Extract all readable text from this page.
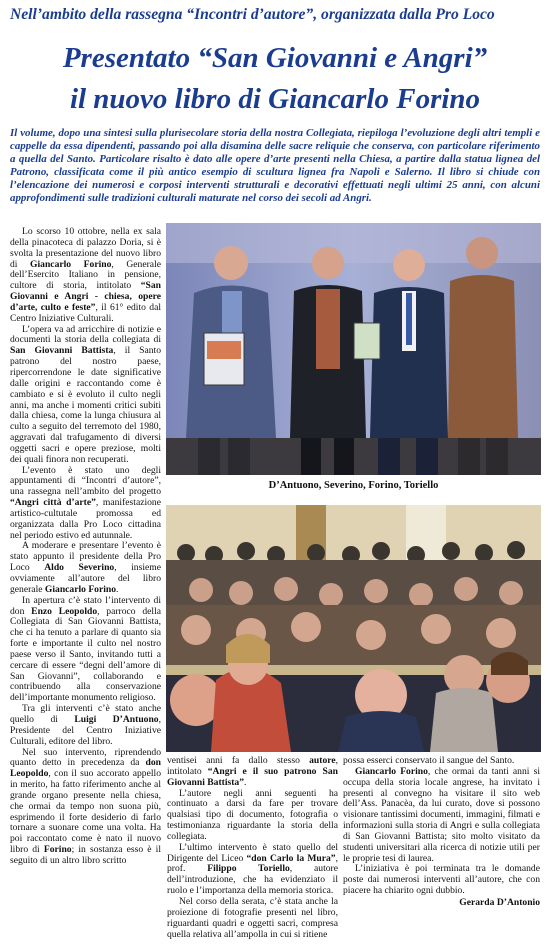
Nell’ambito della rassegna “Incontri d’autore”, organizzata dalla Pro Loco
Presentato “San Giovanni e Angri”
il nuovo libro di Giancarlo Forino
Il volume, dopo una sintesi sulla plurisecolare storia della nostra Collegiata, riepiloga l’evoluzione degli altri templi e cappelle da essa dipendenti, passando poi alla disamina delle sacre reliquie che conserva, con particolare riferimento a quella del Santo. Particolare risalto è dato alle opere d’arte presenti nella Chiesa, a partire dalla statua lignea del Patrono, classificata come il più antico esempio di scultura lignea fra Napoli e Salerno. Il libro si chiude con l’elencazione dei numerosi e corposi interventi strutturali e decorativi effettuati negli ultimi 25 anni, con alcuni approfondimenti sulle tradizioni culturali maturate nel corso dei secoli ad Angri.

Lo scorso 10 ottobre, nella ex sala della pinacoteca di palazzo Doria, si è svolta la presentazione del nuovo libro di Giancarlo Forino, Generale dell’Esercito Italiano in pensione, cultore di storia, intitolato “San Giovanni e Angri - chiesa, opere d’arte, culto e feste”, il 61° edito dal Centro Iniziative Culturali.

L’opera va ad arricchire di notizie e documenti la storia della collegiata di San Giovanni Battista, il Santo patrono del nostro paese, ripercorrendone le date significative dalle origini e raccontando come è cambiato e si è evoluto il culto negli anni, ma anche i momenti critici subiti dalla chiesa, come la lunga chiusura al culto a seguito del terremoto del 1980, aggravati dal trafugamento di diversi oggetti sacri e opere preziose, molti dei quali finora non recuperati.

L’evento è stato uno degli appuntamenti di “Incontri d’autore”, una rassegna nell’ambito del progetto “Angri città d’arte”, manifestazione artistico-cultutale promossa ed organizzata dalla Pro Loco cittadina nel periodo estivo ed autunnale.

A moderare e presentare l’evento è stato appunto il presidente della Pro Loco Aldo Severino, insieme ovviamente all’autore del libro generale Giancarlo Forino.

In apertura c’è stato l’intervento di don Enzo Leopoldo, parroco della Collegiata di San Giovanni Battista, che ci ha tenuto a parlare di quanto sia forte e importante il culto nel nostro paese verso il Santo, invitando tutti a cercare di essere “degni dell’amore di San Giovanni”, collaborando e contribuendo alla conservazione dell’importante monumento religioso.

Tra gli interventi c’è stato anche quello di Luigi D’Antuono, Presidente del Centro Iniziative Culturali, editore del libro.

Nel suo intervento, riprendendo quanto detto in precedenza da don Leopoldo, con il suo accorato appello in merito, ha fatto riferimento anche al grande organo presente nella chiesa, che ormai da tempo non suona più, esprimendo il forte desiderio di farlo tornare a suonare come una volta. Ha poi raccontato come è nato il nuovo libro di Forino; in sostanza esso è il seguito di un altro libro scritto

D’Antuono, Severino, Forino, Toriello

ventisei anni fa dallo stesso autore, intitolato “Angri e il suo patrono San Giovanni Battista”.

L’autore negli anni seguenti ha continuato a darsi da fare per trovare qualsiasi tipo di documento, fotografia o testimonianza riguardante la storia della collegiata.

L’ultimo intervento è stato quello del Dirigente del Liceo “don Carlo la Mura”, prof. Filippo Toriello, autore dell’introduzione, che ha evidenziato il ruolo e l’importanza della memoria storica.

Nel corso della serata, c’è stata anche la proiezione di fotografie presenti nel libro, riguardanti quadri e oggetti sacri, compresa quella relativa all’ampolla in cui si ritiene

possa esserci conservato il sangue del Santo.

Giancarlo Forino, che ormai da tanti anni si occupa della storia locale angrese, ha invitato i presenti al convegno ha visitare il sito web dell’Ass. Panacèa, da lui curato, dove si possono visionare tantissimi documenti, immagini, filmati e informazioni sulla storia di Angri e sulla collegiata di San Giovanni Battista; sito molto visitato da studenti universitari alla ricerca di notizie utili per le proprie tesi di laurea.

L’iniziativa è poi terminata tra le domande poste dai numerosi interventi all’autore, che con piacere ha chiarito ogni dubbio.

Gerarda D’Antonio
